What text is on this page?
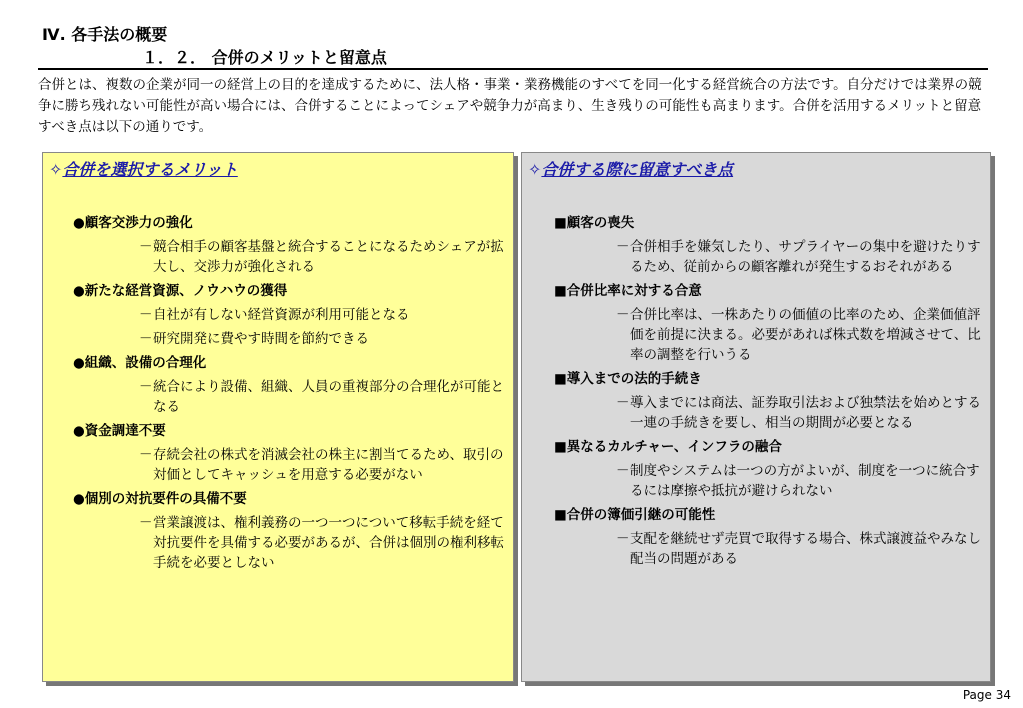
Ⅳ. 各手法の概要
１．２． 合併のメリットと留意点
合併とは、複数の企業が同一の経営上の目的を達成するために、法人格・事業・業務機能のすべてを同一化する経営統合の方法です。自分だけでは業界の競争に勝ち残れない可能性が高い場合には、合併することによってシェアや競争力が高まり、生き残りの可能性も高まります。合併を活用するメリットと留意すべき点は以下の通りです。
✧合併を選択するメリット
●顧客交渉力の強化
－ 競合相手の顧客基盤と統合することになるためシェアが拡大し、交渉力が強化される
●新たな経営資源、ノウハウの獲得
－ 自社が有しない経営資源が利用可能となる
－ 研究開発に費やす時間を節約できる
●組織、設備の合理化
－ 統合により設備、組織、人員の重複部分の合理化が可能となる
●資金調達不要
－ 存続会社の株式を消滅会社の株主に割当てるため、取引の対価としてキャッシュを用意する必要がない
●個別の対抗要件の具備不要
－ 営業譲渡は、権利義務の一つ一つについて移転手続を経て対抗要件を具備する必要があるが、合併は個別の権利移転手続を必要としない
✧合併する際に留意すべき点
■顧客の喪失
－ 合併相手を嫌気したり、サプライヤーの集中を避けたりするため、従前からの顧客離れが発生するおそれがある
■合併比率に対する合意
－ 合併比率は、一株あたりの価値の比率のため、企業価値評価を前提に決まる。必要があれば株式数を増減させて、比率の調整を行いうる
■導入までの法的手続き
－ 導入までには商法、証券取引法および独禁法を始めとする一連の手続きを要し、相当の期間が必要となる
■異なるカルチャー、インフラの融合
－ 制度やシステムは一つの方がよいが、制度を一つに統合するには摩擦や抵抗が避けられない
■合併の簿価引継の可能性
－ 支配を継続せず売買で取得する場合、株式譲渡益やみなし配当の問題がある
Page 34
